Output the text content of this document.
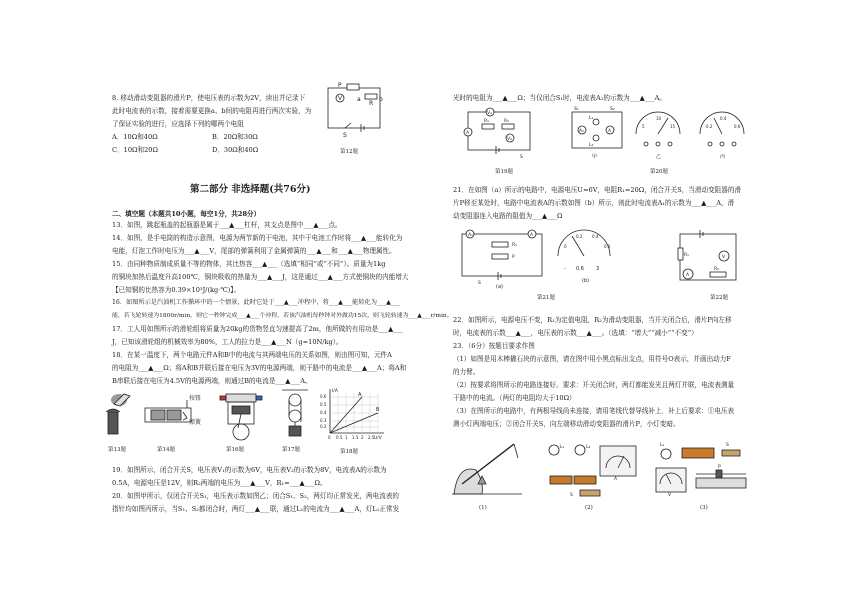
8. 移动滑动变阻器的滑片P，使电压表的示数为2V，读出并记录下
此时电流表的示数，接着需要更换a、b间的电阻再进行两次实验，为
了保证实验的进行，应选择下列的哪两个电阻
A．10Ω和40Ω	B．20Ω和30Ω
C．10Ω和20Ω	D．30Ω和40Ω
P
R
a	b
V
S
第12题
第二部分 非选择题(共76分)
二、填空题（本题共10小题，每空1分，共28分）
13．如图，跳起瓶盖的起瓶器是属于___▲___杠杆，其支点是图中___▲___点。
14．如图，是手电筒的构造示意图，电源为两节新的干电池，其中干电池工作时将___▲___能转化为
电能，灯泡工作时电压为___▲___V，尾部的弹簧利用了金属弹簧的___▲___和___▲___物理属性。
15．由同种物质制成质量不等的物体，其比热容___▲___（选填“相同”或“不同”）。质量为1kg
的铜块加热后温度升高100℃，铜块吸收的热量为___▲___J，这是通过___▲___方式使铜块的内能增大
【已知铜的比热容为0.39×10³J/(kg·℃)】。
16．如图所示是汽油机工作循环中的一个情景，此时它处于___▲___冲程中，将___▲___能转化为___▲___
能，若飞轮转速为1800r/min，则它一秒钟完成___▲___个冲程，若该汽油机每秒钟对外做功15次，则飞轮转速为___▲___r/min。
17．工人用如图所示的滑轮组将质量为20kg的货物竖直匀速提高了2m，他所做的有用功是___▲___
J，已知该滑轮组的机械效率为80%，工人的拉力是___▲___N（g=10N/kg）。
18．在某一温度下，两个电路元件A和B中的电流与其两端电压的关系如图，则由图可知，元件A
的电阻为___▲___Ω；将A和B并联后接在电压为3V的电源两端，则干路中的电流是___▲___A；将A和
B串联后接在电压为4.5V的电源两端，则通过B的电流是___▲___A。
第13题
按钮
弹簧
第14题	第16题	第17题
A
B
I/A
U/V
0.6
0.5
0.4
0.3
0.2
0 0.5 1 1.5 2 2.5
第18题
19．如图所示，闭合开关S，电压表V₁的示数为6V，电压表V₂的示数为8V，电流表A的示数为
0.5A，电源电压是12V，则R₂两端的电压为___▲___V，R₁=___▲___Ω。
20．如图甲所示，仅闭合开关S₁，电压表示数如图乙；闭合S₁、S₂，两灯均正常发光，两电流表的
指针均如图丙所示，当S₁、S₂都闭合时，两灯___▲___联，通过L₁的电流为___▲___A，灯L₁正常发
光时的电阻为___▲___Ω；当仅闭合S₁时，电流表A₁的示数为___▲___A。
V₁
R₁	R₂
V₂
A
S
第19题
A₁	A
L₁
L₂
S₁	S₂
甲
5
10
15
乙
0.2
0.4
0.6
丙
第20题
21．在如图（a）所示的电路中，电源电压U=6V，电阻R₁=20Ω，闭合开关S，当滑动变阻器的滑
片P移至某处时，电路中电流表A的示数如图（b）所示，则此时电流表A₁的示数为___▲___A，滑
动变阻器连入电路的阻值为___▲___Ω
A₁
R₁
P
A
S
(a)
0
0.2 0.4
0.6
- 0.6 3
(b)
第21题
R₁	V
A
R₂
第22题
22．如图所示，电源电压不变，R₁为定值电阻，R₂为滑动变阻器，当开关闭合后，滑片P向左移
时，电流表的示数___▲___，电压表的示数___▲___。（选填：“增大”“减小”“不变”）
23．（6分）按题目要求作图
（1）如图是用木棒撬石块的示意图，请在图中用小黑点标出支点，用符号O表示，并画出动力F
的力臂。
（2）按要求将图所示的电路连接好。要求：开关闭合时，两灯都能发光且两灯并联，电流表测量
干路中的电流。（两灯的电阻均大于10Ω）
（3）在图所示的电路中，有两根导线尚未连接，请用笔线代替导线补上．补上后要求：①电压表
测小灯两端电压；②闭合开关S，向左端移动滑动变阻器的滑片P，小灯变暗。
(1)
L₁	L₂
A
S
(2)
L₁	S
V
P
(3)
